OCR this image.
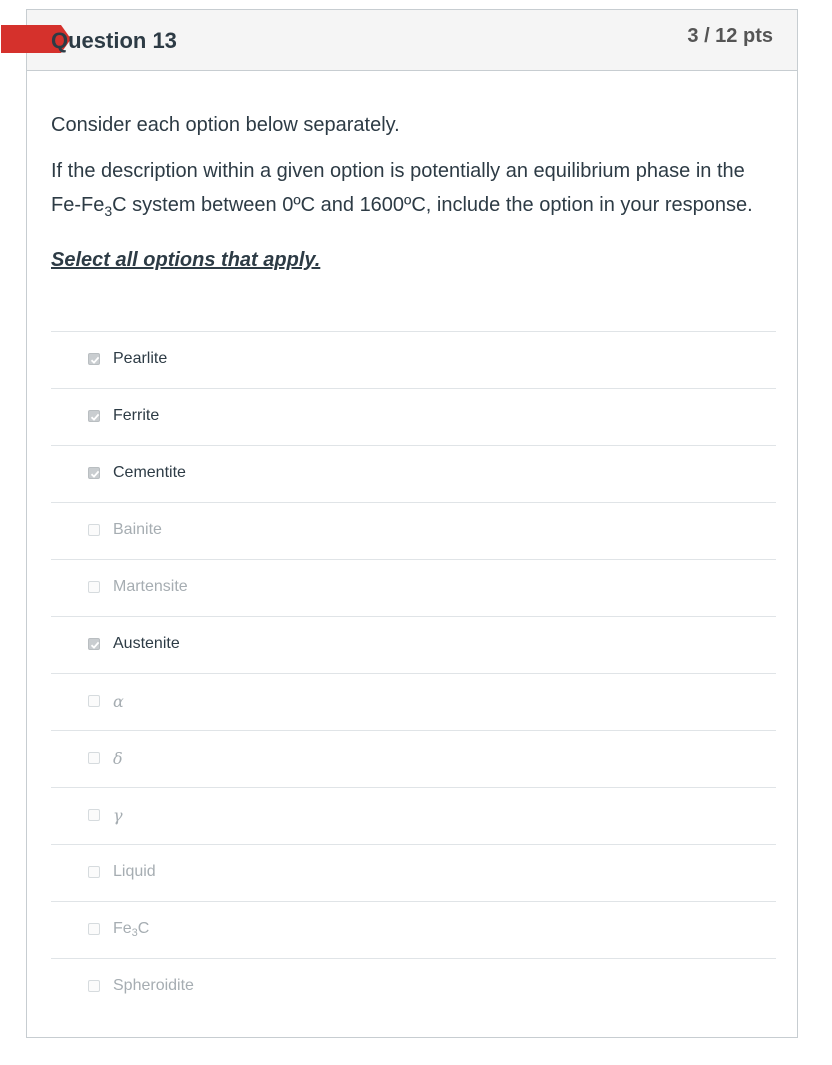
Question 13	3 / 12 pts

Consider each option below separately.

If the description within a given option is potentially an equilibrium phase in the $Fe-Fe_3C$ system between 0ºC and 1600ºC, include the option in your response.

Select all options that apply.

Pearlite
Ferrite
Cementite
Bainite
Martensite
Austenite
α
δ
γ
Liquid
$Fe_3C$
Spheroidite
